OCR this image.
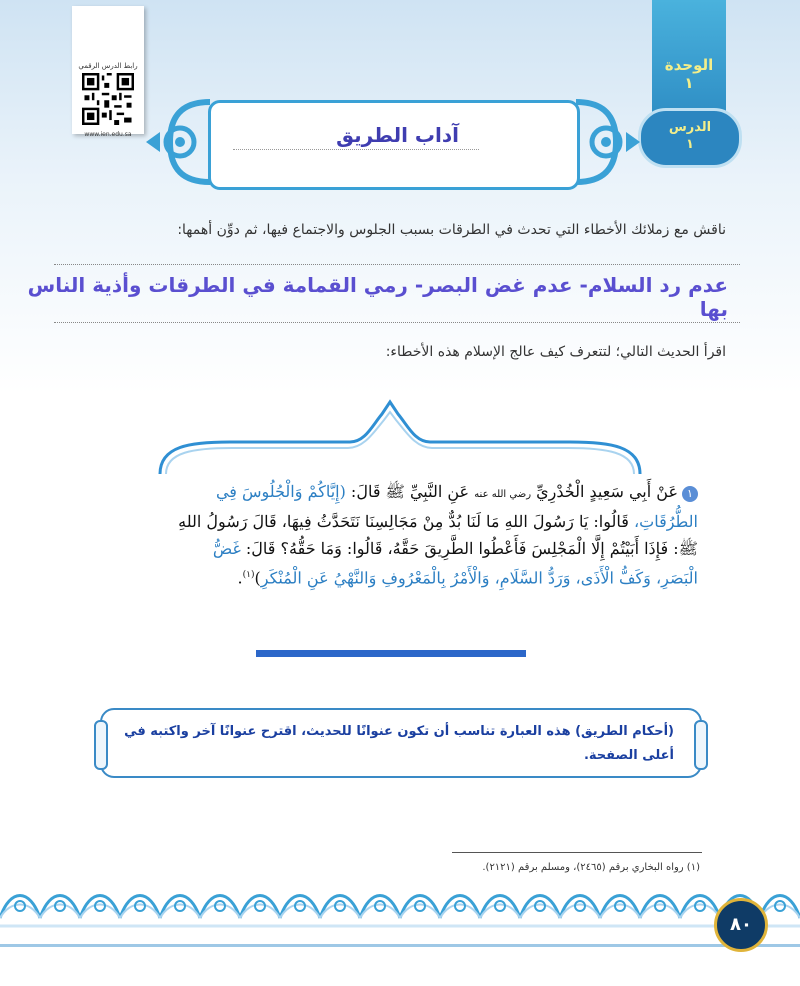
رابط الدرس الرقمي
www.ien.edu.sa
الوحدة
١
الدرس
١
آداب الطريق
ناقش مع زملائك الأخطاء التي تحدث في الطرقات بسبب الجلوس والاجتماع فيها، ثم دوِّن أهمها:
عدم رد السلام- عدم غض البصر- رمي القمامة في الطرقات وأذية الناس بها
اقرأ الحديث التالي؛ لتتعرف كيف عالج الإسلام هذه الأخطاء:
١عَنْ أَبِي سَعِيدٍ الْخُدْرِيِّ رضي الله عنه عَنِ النَّبِيِّ ﷺ قَالَ: (إِيَّاكُمْ وَالْجُلُوسَ فِي الطُّرُقَاتِ، قَالُوا: يَا رَسُولَ اللهِ مَا لَنَا بُدٌّ مِنْ مَجَالِسِنَا نَتَحَدَّثُ فِيهَا، قَالَ رَسُولُ اللهِ ﷺ: فَإِذَا أَبَيْتُمْ إِلَّا الْمَجْلِسَ فَأَعْطُوا الطَّرِيقَ حَقَّهُ، قَالُوا: وَمَا حَقُّهُ؟ قَالَ: غَضُّ الْبَصَرِ، وَكَفُّ الْأَذَى، وَرَدُّ السَّلَامِ، وَالْأَمْرُ بِالْمَعْرُوفِ وَالنَّهْيُ عَنِ الْمُنْكَرِ)$^{(١)}$.
(أحكام الطريق) هذه العبارة تناسب أن تكون عنوانًا للحديث، اقترح عنوانًا آخر واكتبه في أعلى الصفحة.
(١) رواه البخاري برقم (٢٤٦٥)، ومسلم برقم (٢١٢١).
٨٠
